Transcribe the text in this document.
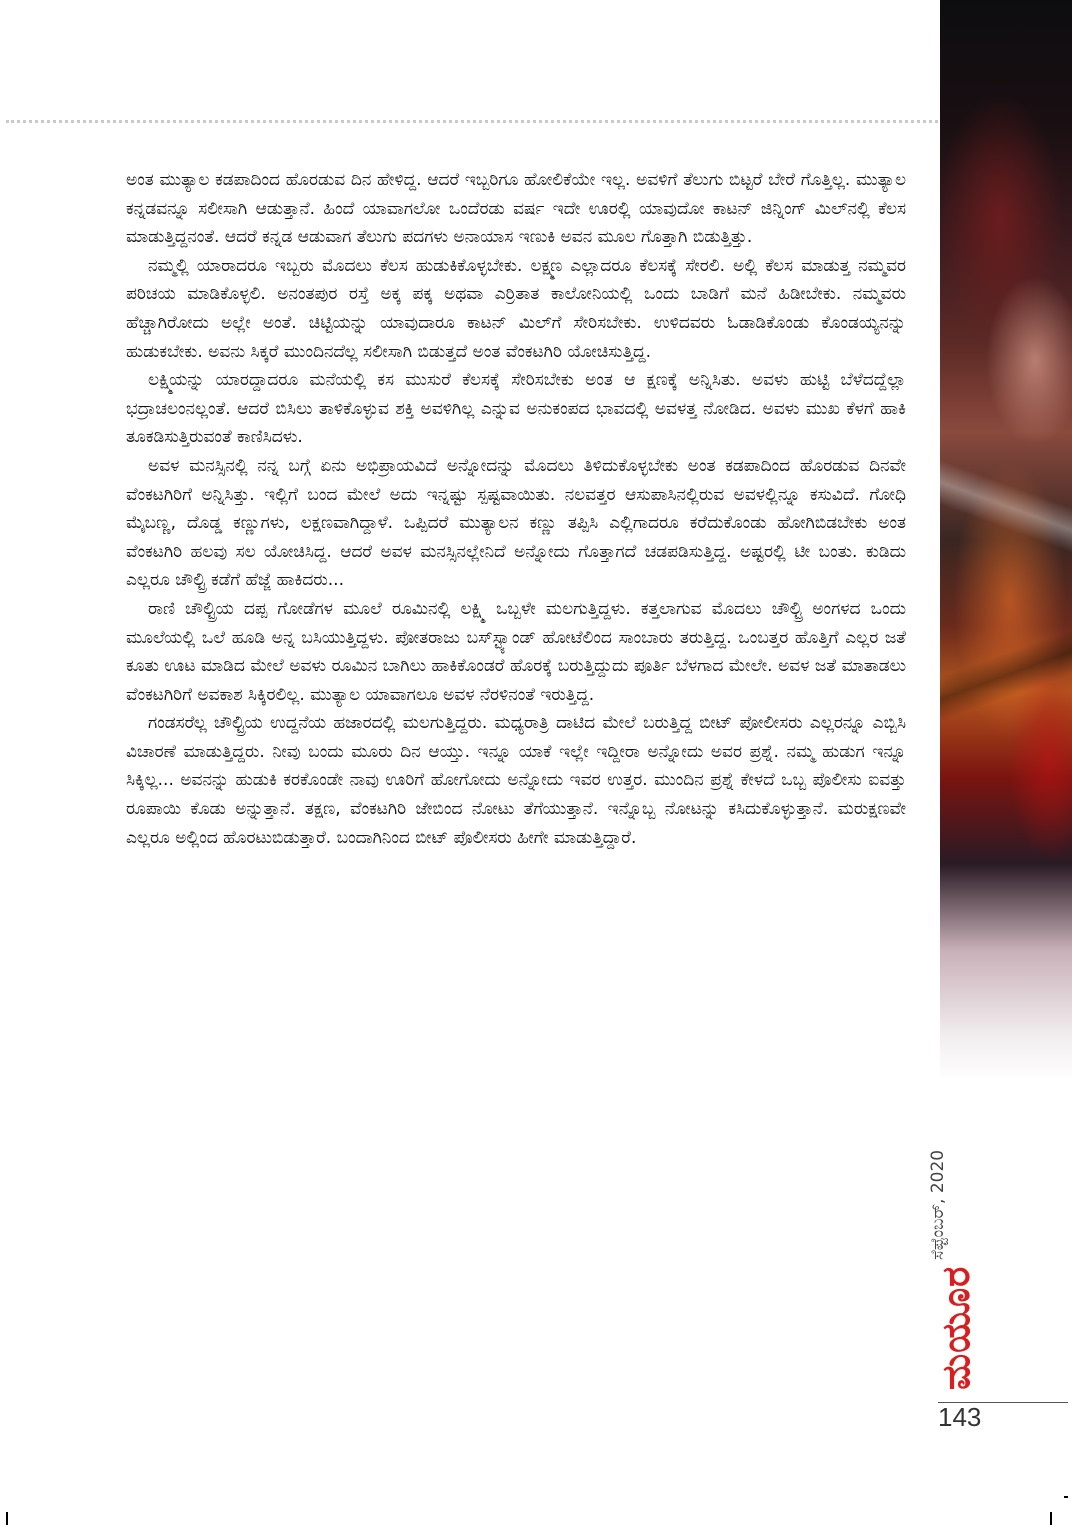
ಅಂತ ಮುತ್ಯಾಲ ಕಡಪಾದಿಂದ ಹೊರಡುವ ದಿನ ಹೇಳಿದ್ದ. ಆದರೆ ಇಬ್ಬರಿಗೂ ಹೋಲಿಕೆಯೇ ಇಲ್ಲ. ಅವಳಿಗೆ ತೆಲುಗು ಬಿಟ್ಟರೆ ಬೇರೆ ಗೊತ್ತಿಲ್ಲ. ಮುತ್ಯಾಲ ಕನ್ನಡವನ್ನೂ ಸಲೀಸಾಗಿ ಆಡುತ್ತಾನೆ. ಹಿಂದೆ ಯಾವಾಗಲೋ ಒಂದೆರಡು ವರ್ಷ ಇದೇ ಊರಲ್ಲಿ ಯಾವುದೋ ಕಾಟನ್ ಜಿನ್ನಿಂಗ್ ಮಿಲ್‌ನಲ್ಲಿ ಕೆಲಸ ಮಾಡುತ್ತಿದ್ದನಂತೆ. ಆದರೆ ಕನ್ನಡ ಆಡುವಾಗ ತೆಲುಗು ಪದಗಳು ಅನಾಯಾಸ ಇಣುಕಿ ಅವನ ಮೂಲ ಗೊತ್ತಾಗಿ ಬಿಡುತ್ತಿತ್ತು.

ನಮ್ಮಲ್ಲಿ ಯಾರಾದರೂ ಇಬ್ಬರು ಮೊದಲು ಕೆಲಸ ಹುಡುಕಿಕೊಳ್ಳಬೇಕು. ಲಕ್ಷ್ಮಣ ಎಲ್ಲಾದರೂ ಕೆಲಸಕ್ಕೆ ಸೇರಲಿ. ಅಲ್ಲಿ ಕೆಲಸ ಮಾಡುತ್ತ ನಮ್ಮವರ ಪರಿಚಯ ಮಾಡಿಕೊಳ್ಳಲಿ. ಅನಂತಪುರ ರಸ್ತೆ ಅಕ್ಕ ಪಕ್ಕ ಅಥವಾ ಎರ್ರಿತಾತ ಕಾಲೋನಿಯಲ್ಲಿ ಒಂದು ಬಾಡಿಗೆ ಮನೆ ಹಿಡೀಬೇಕು. ನಮ್ಮವರು ಹೆಚ್ಚಾಗಿರೋದು ಅಲ್ಲೇ ಅಂತೆ. ಚಿಟ್ಟಿಯನ್ನು ಯಾವುದಾರೂ ಕಾಟನ್ ಮಿಲ್‌ಗೆ ಸೇರಿಸಬೇಕು. ಉಳಿದವರು ಓಡಾಡಿಕೊಂಡು ಕೊಂಡಯ್ಯನನ್ನು ಹುಡುಕಬೇಕು. ಅವನು ಸಿಕ್ಕರೆ ಮುಂದಿನದೆಲ್ಲ ಸಲೀಸಾಗಿ ಬಿಡುತ್ತದೆ ಅಂತ ವೆಂಕಟಗಿರಿ ಯೋಚಿಸುತ್ತಿದ್ದ.

ಲಕ್ಷ್ಮಿಯನ್ನು ಯಾರದ್ದಾದರೂ ಮನೆಯಲ್ಲಿ ಕಸ ಮುಸುರೆ ಕೆಲಸಕ್ಕೆ ಸೇರಿಸಬೇಕು ಅಂತ ಆ ಕ್ಷಣಕ್ಕೆ ಅನ್ನಿಸಿತು. ಅವಳು ಹುಟ್ಟಿ ಬೆಳೆದದ್ದೆಲ್ಲಾ ಭದ್ರಾಚಲಂನಲ್ಲಂತೆ. ಆದರೆ ಬಿಸಿಲು ತಾಳಿಕೊಳ್ಳುವ ಶಕ್ತಿ ಅವಳಿಗಿಲ್ಲ ಎನ್ನುವ ಅನುಕಂಪದ ಭಾವದಲ್ಲಿ ಅವಳತ್ತ ನೋಡಿದ. ಅವಳು ಮುಖ ಕೆಳಗೆ ಹಾಕಿ ತೂಕಡಿಸುತ್ತಿರುವಂತೆ ಕಾಣಿಸಿದಳು.

ಅವಳ ಮನಸ್ಸಿನಲ್ಲಿ ನನ್ನ ಬಗ್ಗೆ ಏನು ಅಭಿಪ್ರಾಯವಿದೆ ಅನ್ನೋದನ್ನು ಮೊದಲು ತಿಳಿದುಕೊಳ್ಳಬೇಕು ಅಂತ ಕಡಪಾದಿಂದ ಹೊರಡುವ ದಿನವೇ ವೆಂಕಟಗಿರಿಗೆ ಅನ್ನಿಸಿತ್ತು. ಇಲ್ಲಿಗೆ ಬಂದ ಮೇಲೆ ಅದು ಇನ್ನಷ್ಟು ಸ್ಪಷ್ಟವಾಯಿತು. ನಲವತ್ತರ ಆಸುಪಾಸಿನಲ್ಲಿರುವ ಅವಳಲ್ಲಿನ್ನೂ ಕಸುವಿದೆ. ಗೋಧಿ ಮೈಬಣ್ಣ, ದೊಡ್ಡ ಕಣ್ಣುಗಳು, ಲಕ್ಷಣವಾಗಿದ್ದಾಳೆ. ಒಪ್ಪಿದರೆ ಮುತ್ಯಾಲನ ಕಣ್ಣು ತಪ್ಪಿಸಿ ಎಲ್ಲಿಗಾದರೂ ಕರೆದುಕೊಂಡು ಹೋಗಿಬಿಡಬೇಕು ಅಂತ ವೆಂಕಟಗಿರಿ ಹಲವು ಸಲ ಯೋಚಿಸಿದ್ದ. ಆದರೆ ಅವಳ ಮನಸ್ಸಿನಲ್ಲೇನಿದೆ ಅನ್ನೋದು ಗೊತ್ತಾಗದೆ ಚಡಪಡಿಸುತ್ತಿದ್ದ. ಅಷ್ಟರಲ್ಲಿ ಟೀ ಬಂತು. ಕುಡಿದು ಎಲ್ಲರೂ ಚೌಲ್ಟ್ರಿ ಕಡೆಗೆ ಹೆಜ್ಜೆ ಹಾಕಿದರು...

ರಾಣಿ ಚೌಲ್ಟ್ರಿಯ ದಪ್ಪ ಗೋಡೆಗಳ ಮೂಲೆ ರೂಮಿನಲ್ಲಿ ಲಕ್ಷ್ಮಿ ಒಬ್ಬಳೇ ಮಲಗುತ್ತಿದ್ದಳು. ಕತ್ತಲಾಗುವ ಮೊದಲು ಚೌಲ್ಟ್ರಿ ಅಂಗಳದ ಒಂದು ಮೂಲೆಯಲ್ಲಿ ಒಲೆ ಹೂಡಿ ಅನ್ನ ಬಸಿಯುತ್ತಿದ್ದಳು. ಪೋತರಾಜು ಬಸ್‌ಸ್ಟ್ಯಾಂಡ್ ಹೋಟೆಲಿಂದ ಸಾಂಬಾರು ತರುತ್ತಿದ್ದ. ಒಂಬತ್ತರ ಹೊತ್ತಿಗೆ ಎಲ್ಲರ ಜತೆ ಕೂತು ಊಟ ಮಾಡಿದ ಮೇಲೆ ಅವಳು ರೂಮಿನ ಬಾಗಿಲು ಹಾಕಿಕೊಂಡರೆ ಹೊರಕ್ಕೆ ಬರುತ್ತಿದ್ದುದು ಪೂರ್ತಿ ಬೆಳಗಾದ ಮೇಲೇ. ಅವಳ ಜತೆ ಮಾತಾಡಲು ವೆಂಕಟಗಿರಿಗೆ ಅವಕಾಶ ಸಿಕ್ಕಿರಲಿಲ್ಲ. ಮುತ್ಯಾಲ ಯಾವಾಗಲೂ ಅವಳ ನೆರಳಿನಂತೆ ಇರುತ್ತಿದ್ದ.

ಗಂಡಸರೆಲ್ಲ ಚೌಲ್ಟ್ರಿಯ ಉದ್ದನೆಯ ಹಜಾರದಲ್ಲಿ ಮಲಗುತ್ತಿದ್ದರು. ಮಧ್ಯರಾತ್ರಿ ದಾಟಿದ ಮೇಲೆ ಬರುತ್ತಿದ್ದ ಬೀಟ್ ಪೋಲೀಸರು ಎಲ್ಲರನ್ನೂ ಎಬ್ಬಿಸಿ ವಿಚಾರಣೆ ಮಾಡುತ್ತಿದ್ದರು. ನೀವು ಬಂದು ಮೂರು ದಿನ ಆಯ್ತು. ಇನ್ನೂ ಯಾಕೆ ಇಲ್ಲೇ ಇದ್ದೀರಾ ಅನ್ನೋದು ಅವರ ಪ್ರಶ್ನೆ. ನಮ್ಮ ಹುಡುಗ ಇನ್ನೂ ಸಿಕ್ಕಿಲ್ಲ... ಅವನನ್ನು ಹುಡುಕಿ ಕರಕೊಂಡೇ ನಾವು ಊರಿಗೆ ಹೋಗೋದು ಅನ್ನೋದು ಇವರ ಉತ್ತರ. ಮುಂದಿನ ಪ್ರಶ್ನೆ ಕೇಳದೆ ಒಬ್ಬ ಪೊಲೀಸು ಐವತ್ತು ರೂಪಾಯಿ ಕೊಡು ಅನ್ನುತ್ತಾನೆ. ತಕ್ಷಣ, ವೆಂಕಟಗಿರಿ ಜೇಬಿಂದ ನೋಟು ತೆಗೆಯುತ್ತಾನೆ. ಇನ್ನೊಬ್ಬ ನೋಟನ್ನು ಕಸಿದುಕೊಳ್ಳುತ್ತಾನೆ. ಮರುಕ್ಷಣವೇ ಎಲ್ಲರೂ ಅಲ್ಲಿಂದ ಹೊರಟುಬಿಡುತ್ತಾರೆ. ಬಂದಾಗಿನಿಂದ ಬೀಟ್ ಪೊಲೀಸರು ಹೀಗೇ ಮಾಡುತ್ತಿದ್ದಾರೆ.

ಸೆಪ್ಟೆಂಬರ್, 2020
ಮಯೂರ
143
